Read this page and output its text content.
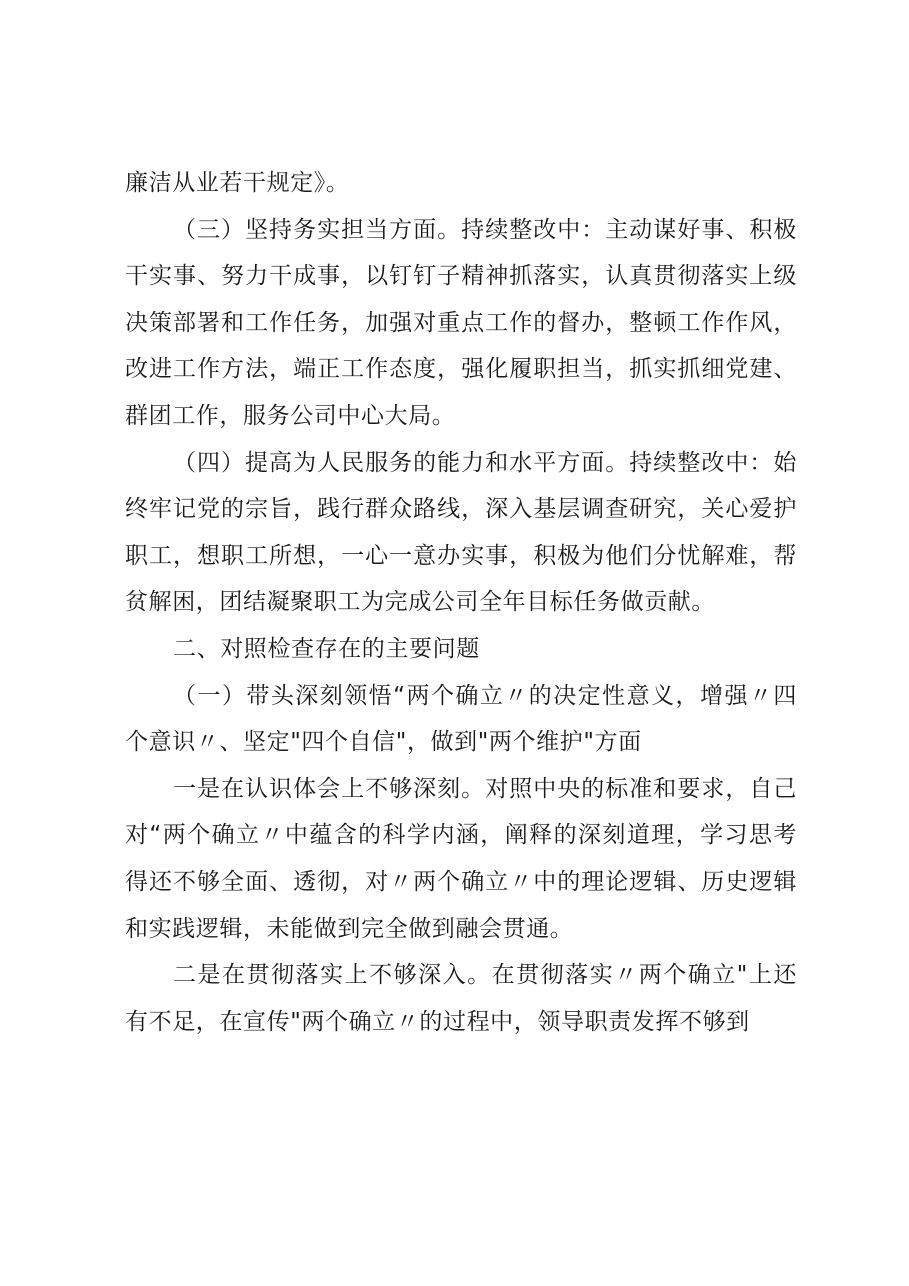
廉洁从业若干规定》。

（三）坚持务实担当方面。持续整改中：主动谋好事、积极干实事、努力干成事，以钉钉子精神抓落实，认真贯彻落实上级决策部署和工作任务，加强对重点工作的督办，整顿工作作风，改进工作方法，端正工作态度，强化履职担当，抓实抓细党建、群团工作，服务公司中心大局。

（四）提高为人民服务的能力和水平方面。持续整改中：始终牢记党的宗旨，践行群众路线，深入基层调查研究，关心爱护职工，想职工所想，一心一意办实事，积极为他们分忧解难，帮贫解困，团结凝聚职工为完成公司全年目标任务做贡献。

二、对照检查存在的主要问题

（一）带头深刻领悟“两个确立〃的决定性意义，增强〃四个意识〃、坚定"四个自信"，做到"两个维护"方面

一是在认识体会上不够深刻。对照中央的标准和要求，自己对“两个确立〃中蕴含的科学内涵，阐释的深刻道理，学习思考得还不够全面、透彻，对〃两个确立〃中的理论逻辑、历史逻辑和实践逻辑，未能做到完全做到融会贯通。

二是在贯彻落实上不够深入。在贯彻落实〃两个确立"上还有不足，在宣传"两个确立〃的过程中，领导职责发挥不够到
